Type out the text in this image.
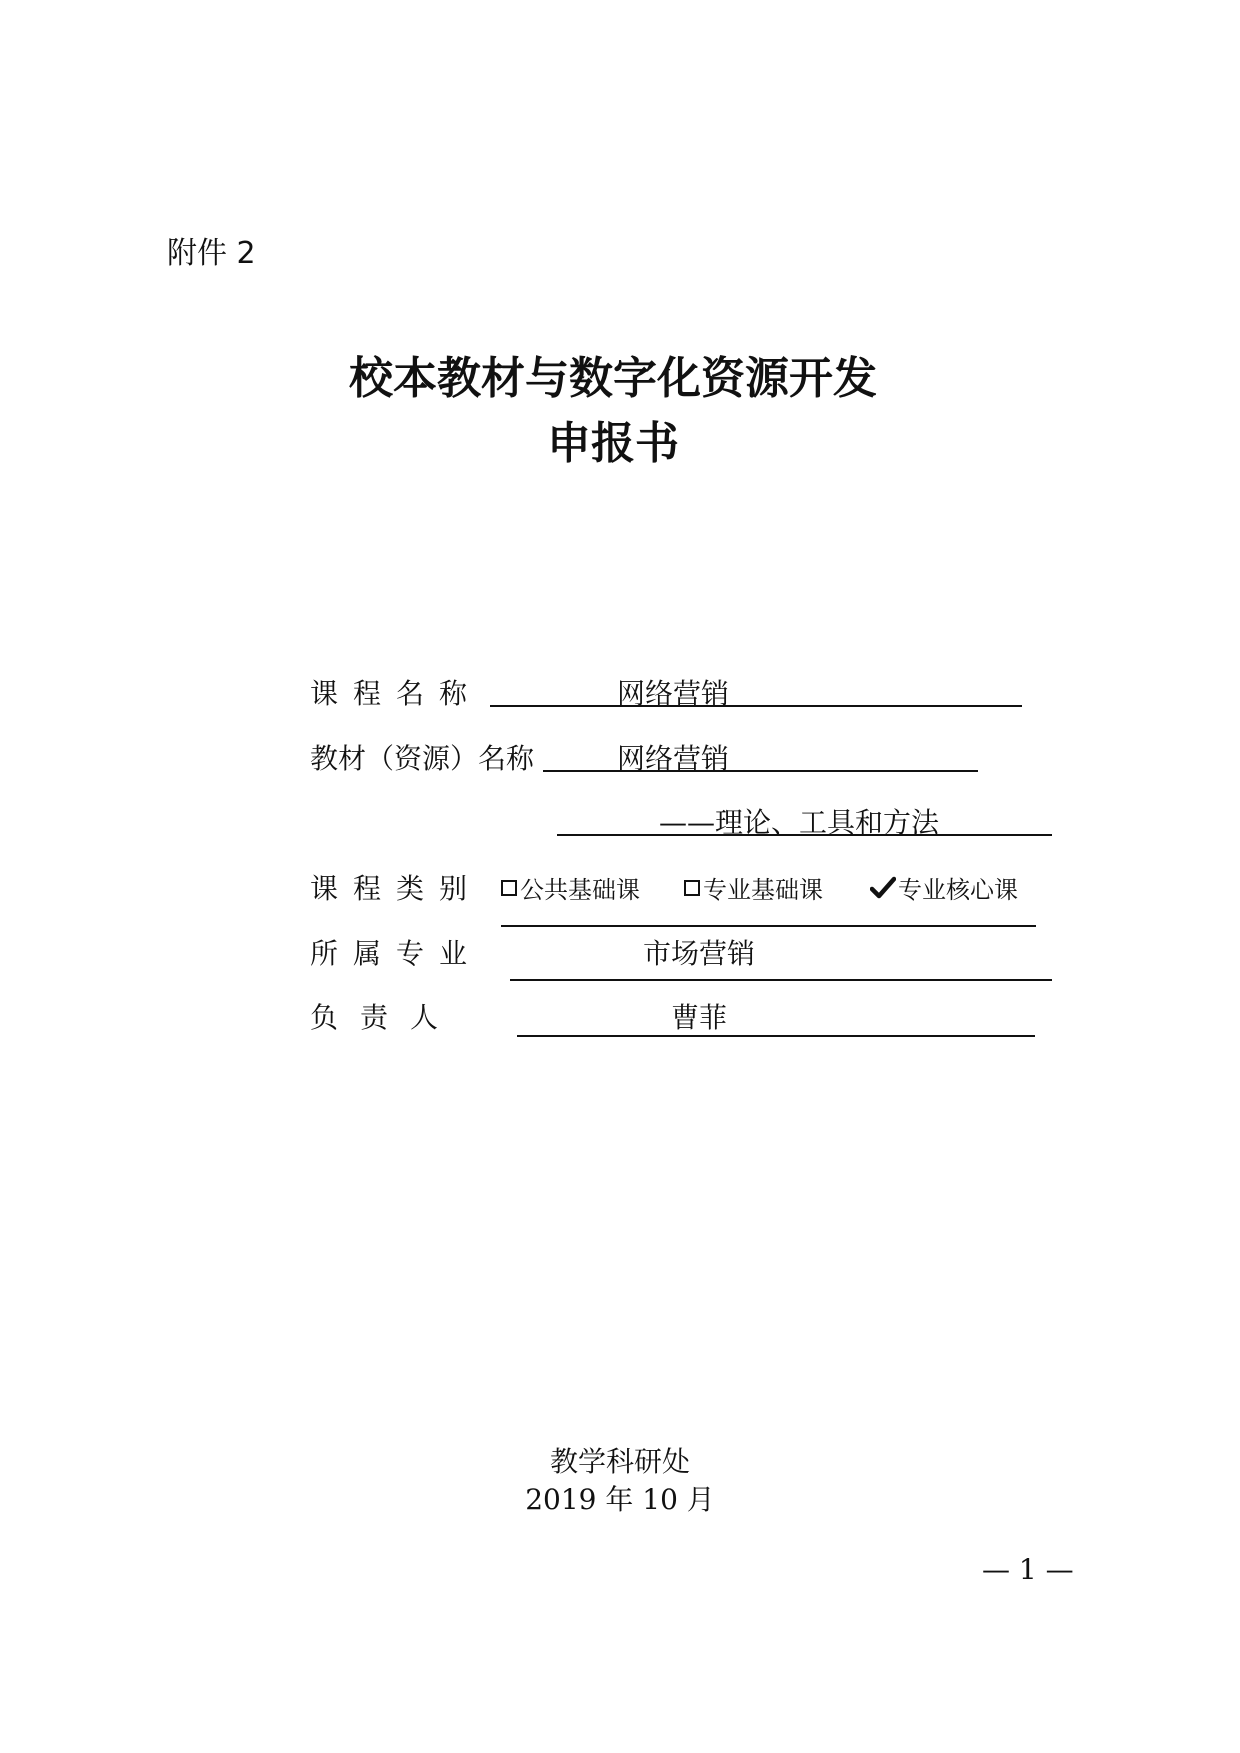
附件 2
校本教材与数字化资源开发
申报书
课程名称	网络营销
教材（资源）名称	网络营销
——理论、工具和方法
课程类别 公共基础课	专业基础课	专业核心课
所属专业	市场营销
负责人	曹菲
教学科研处
2019 年 10 月
— 1 —
